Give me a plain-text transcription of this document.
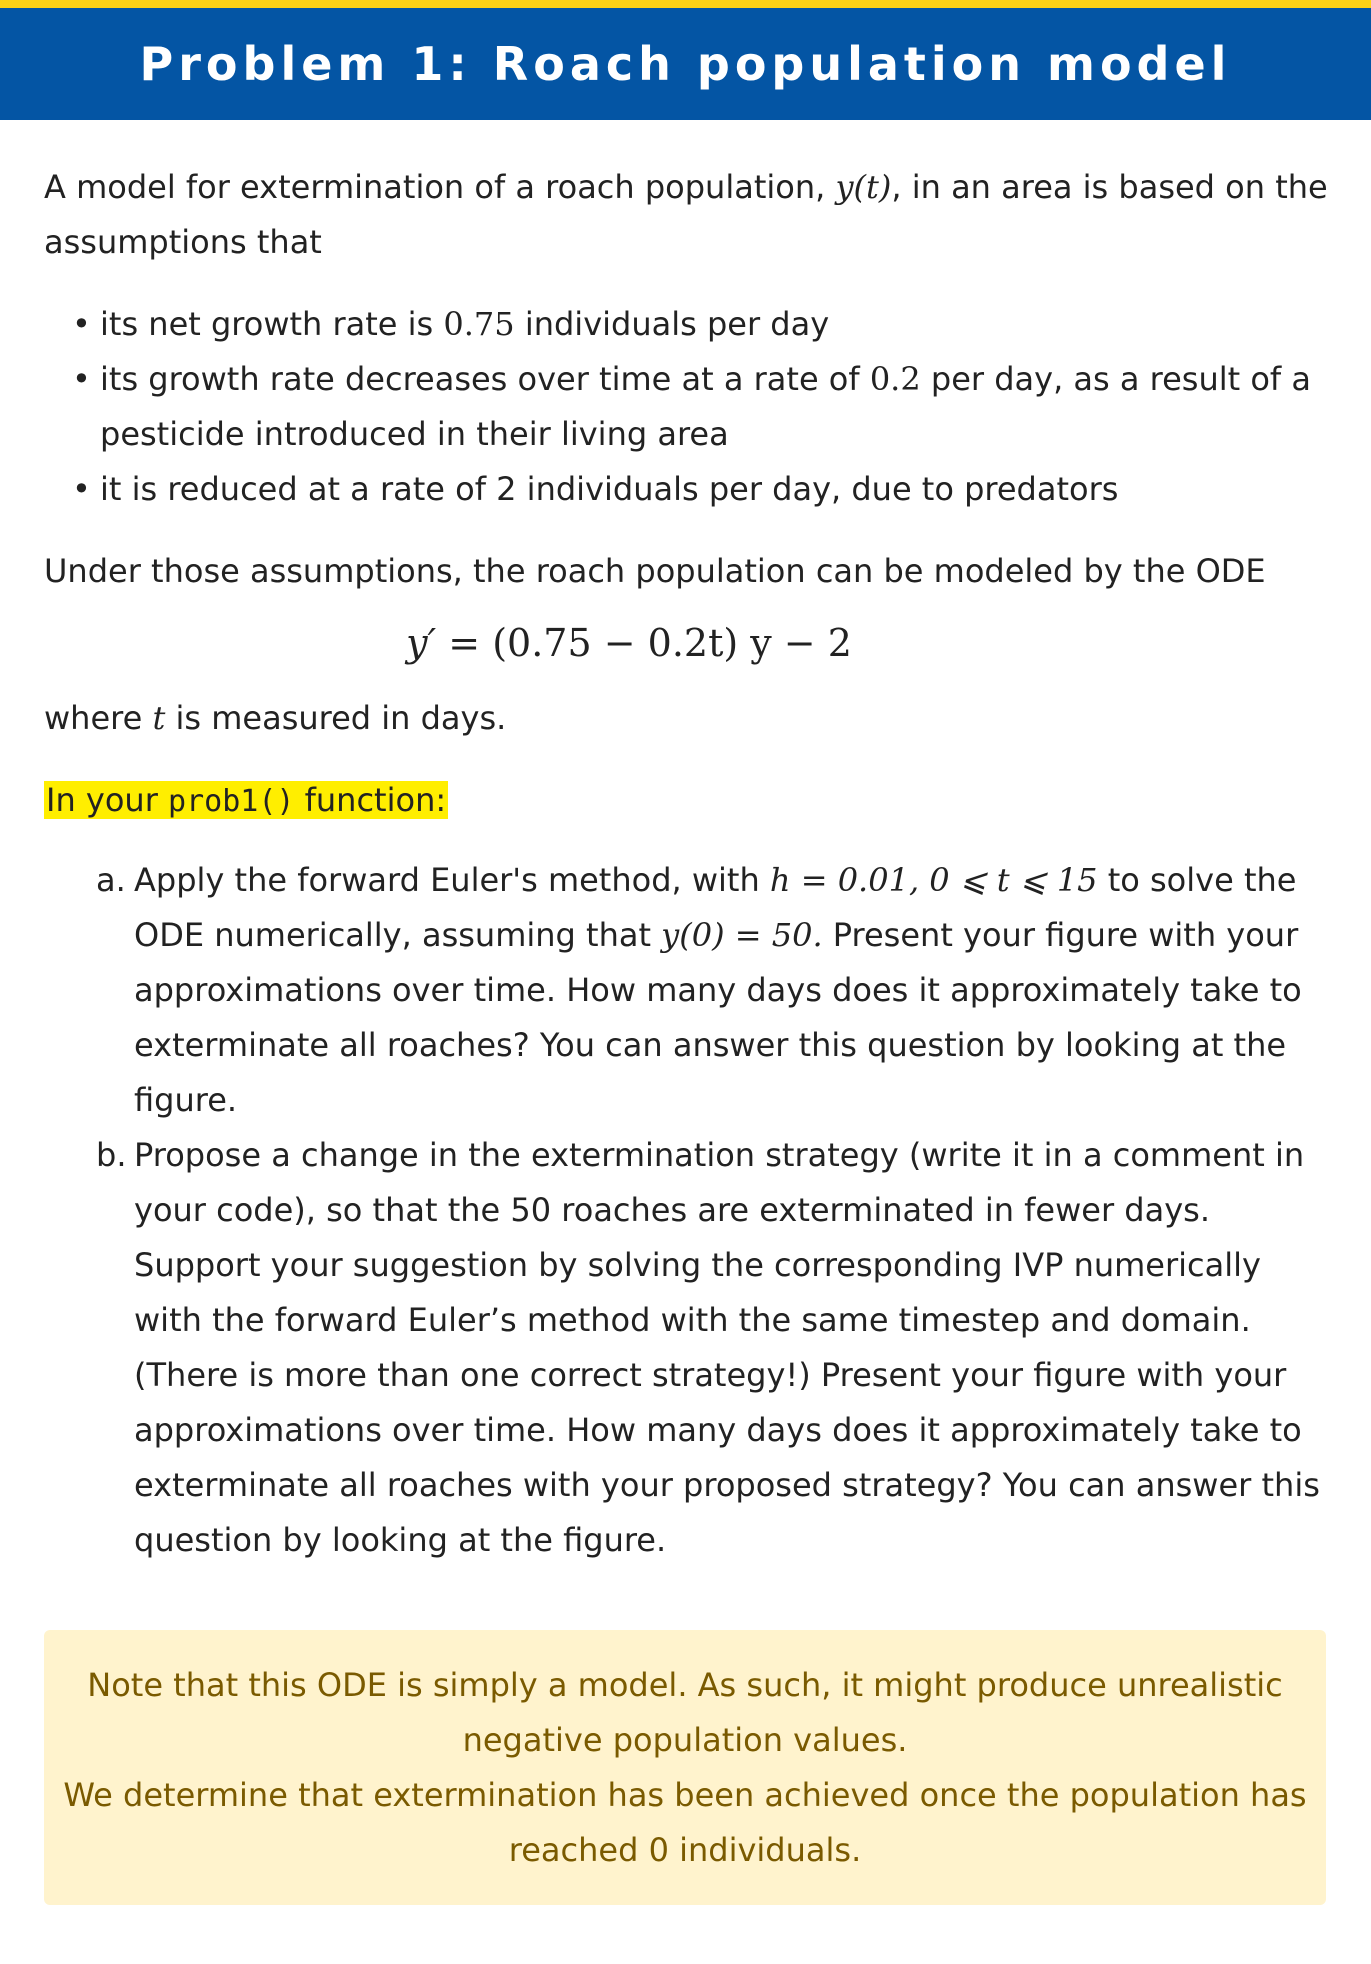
Problem 1: Roach population model

A model for extermination of a roach population, y(t), in an area is based on the assumptions that

• its net growth rate is 0.75 individuals per day
• its growth rate decreases over time at a rate of 0.2 per day, as a result of a pesticide introduced in their living area
• it is reduced at a rate of 2 individuals per day, due to predators

Under those assumptions, the roach population can be modeled by the ODE

y′ = (0.75 − 0.2t) y − 2

where t is measured in days.

In your prob1() function:

a. Apply the forward Euler's method, with h = 0.01, 0 ⩽ t ⩽ 15 to solve the ODE numerically, assuming that y(0) = 50. Present your figure with your approximations over time. How many days does it approximately take to exterminate all roaches? You can answer this question by looking at the figure.
b. Propose a change in the extermination strategy (write it in a comment in your code), so that the 50 roaches are exterminated in fewer days. Support your suggestion by solving the corresponding IVP numerically with the forward Euler’s method with the same timestep and domain. (There is more than one correct strategy!) Present your figure with your approximations over time. How many days does it approximately take to exterminate all roaches with your proposed strategy? You can answer this question by looking at the figure.

Note that this ODE is simply a model. As such, it might produce unrealistic negative population values.

We determine that extermination has been achieved once the population has reached 0 individuals.
